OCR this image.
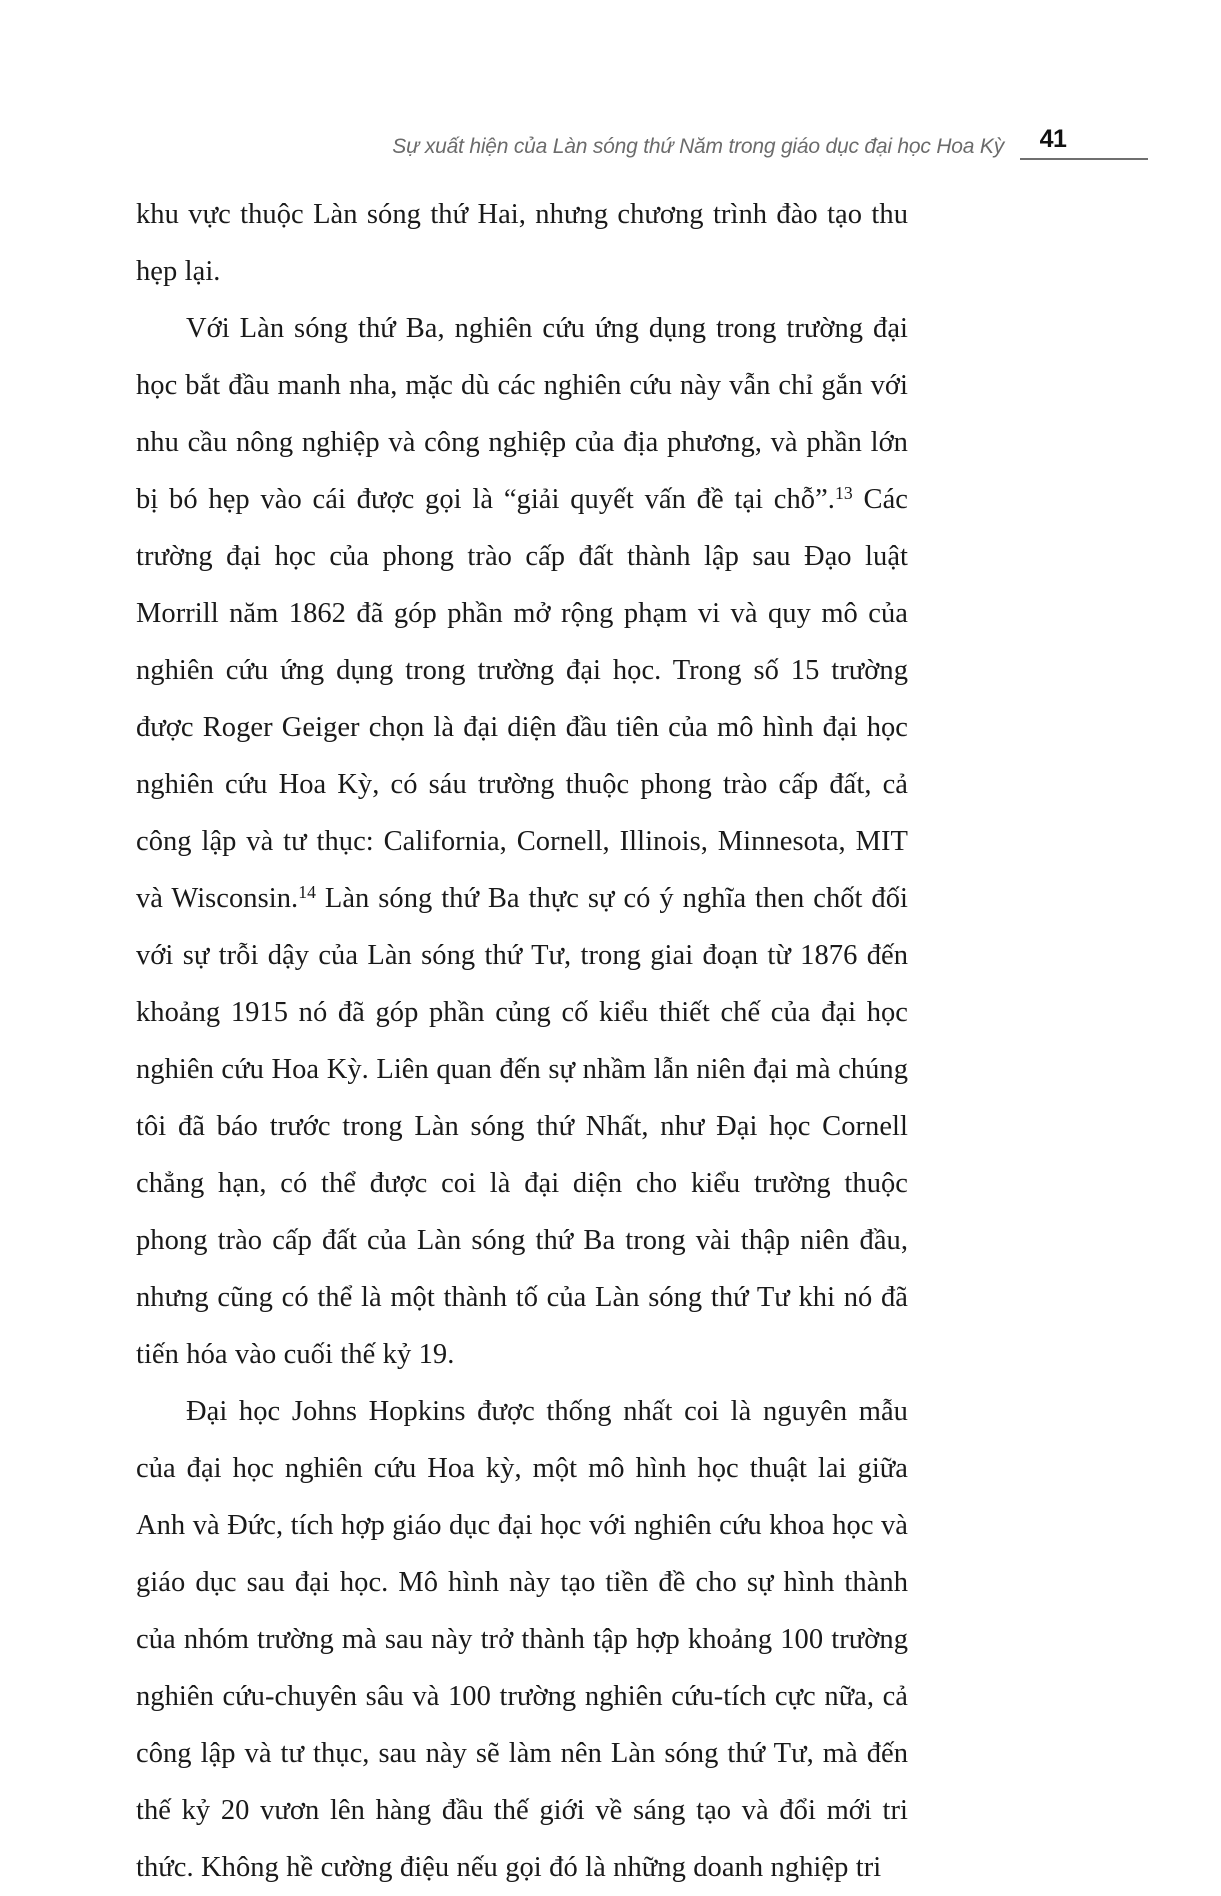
Sự xuất hiện của Làn sóng thứ Năm trong giáo dục đại học Hoa Kỳ	41

khu vực thuộc Làn sóng thứ Hai, nhưng chương trình đào tạo thu hẹp lại.

Với Làn sóng thứ Ba, nghiên cứu ứng dụng trong trường đại học bắt đầu manh nha, mặc dù các nghiên cứu này vẫn chỉ gắn với nhu cầu nông nghiệp và công nghiệp của địa phương, và phần lớn bị bó hẹp vào cái được gọi là “giải quyết vấn đề tại chỗ”.$^{13}$ Các trường đại học của phong trào cấp đất thành lập sau Đạo luật Morrill năm 1862 đã góp phần mở rộng phạm vi và quy mô của nghiên cứu ứng dụng trong trường đại học. Trong số 15 trường được Roger Geiger chọn là đại diện đầu tiên của mô hình đại học nghiên cứu Hoa Kỳ, có sáu trường thuộc phong trào cấp đất, cả công lập và tư thục: California, Cornell, Illinois, Minnesota, MIT và Wisconsin.$^{14}$ Làn sóng thứ Ba thực sự có ý nghĩa then chốt đối với sự trỗi dậy của Làn sóng thứ Tư, trong giai đoạn từ 1876 đến khoảng 1915 nó đã góp phần củng cố kiểu thiết chế của đại học nghiên cứu Hoa Kỳ. Liên quan đến sự nhầm lẫn niên đại mà chúng tôi đã báo trước trong Làn sóng thứ Nhất, như Đại học Cornell chẳng hạn, có thể được coi là đại diện cho kiểu trường thuộc phong trào cấp đất của Làn sóng thứ Ba trong vài thập niên đầu, nhưng cũng có thể là một thành tố của Làn sóng thứ Tư khi nó đã tiến hóa vào cuối thế kỷ 19.

Đại học Johns Hopkins được thống nhất coi là nguyên mẫu của đại học nghiên cứu Hoa kỳ, một mô hình học thuật lai giữa Anh và Đức, tích hợp giáo dục đại học với nghiên cứu khoa học và giáo dục sau đại học. Mô hình này tạo tiền đề cho sự hình thành của nhóm trường mà sau này trở thành tập hợp khoảng 100 trường nghiên cứu-chuyên sâu và 100 trường nghiên cứu-tích cực nữa, cả công lập và tư thục, sau này sẽ làm nên Làn sóng thứ Tư, mà đến thế kỷ 20 vươn lên hàng đầu thế giới về sáng tạo và đổi mới tri thức. Không hề cường điệu nếu gọi đó là những doanh nghiệp tri
